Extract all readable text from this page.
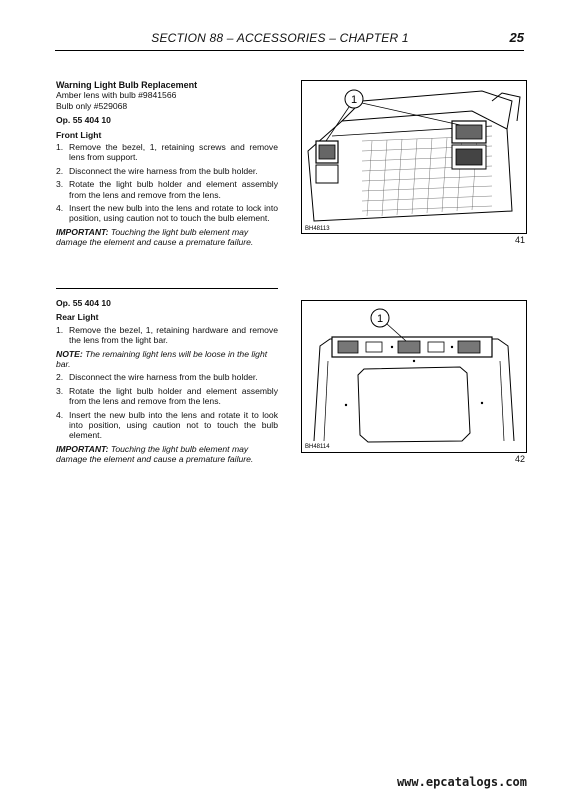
SECTION 88 – ACCESSORIES – CHAPTER 1	25

Warning Light Bulb Replacement

Amber lens with bulb #9841566

Bulb only #529068

Op. 55 404 10

Front Light

1. Remove the bezel, 1, retaining screws and remove lens from support.
2. Disconnect the wire harness from the bulb holder.
3. Rotate the light bulb holder and element assembly from the lens and remove from the lens.
4. Insert the new bulb into the lens and rotate to lock into position, using caution not to touch the bulb element.

IMPORTANT: Touching the light bulb element may damage the element and cause a premature failure.

Op. 55 404 10

Rear Light

1. Remove the bezel, 1, retaining hardware and remove the lens from the light bar.

NOTE: The remaining light lens will be loose in the light bar.

2. Disconnect the wire harness from the bulb holder.
3. Rotate the light bulb holder and element assembly from the lens and remove from the lens.
4. Insert the new bulb into the lens and rotate it to look into position, using caution not to touch the bulb element.

IMPORTANT: Touching the light bulb element may damage the element and cause a premature failure.

1
BH48113
41
1
BH48114
42
www.epcatalogs.com
